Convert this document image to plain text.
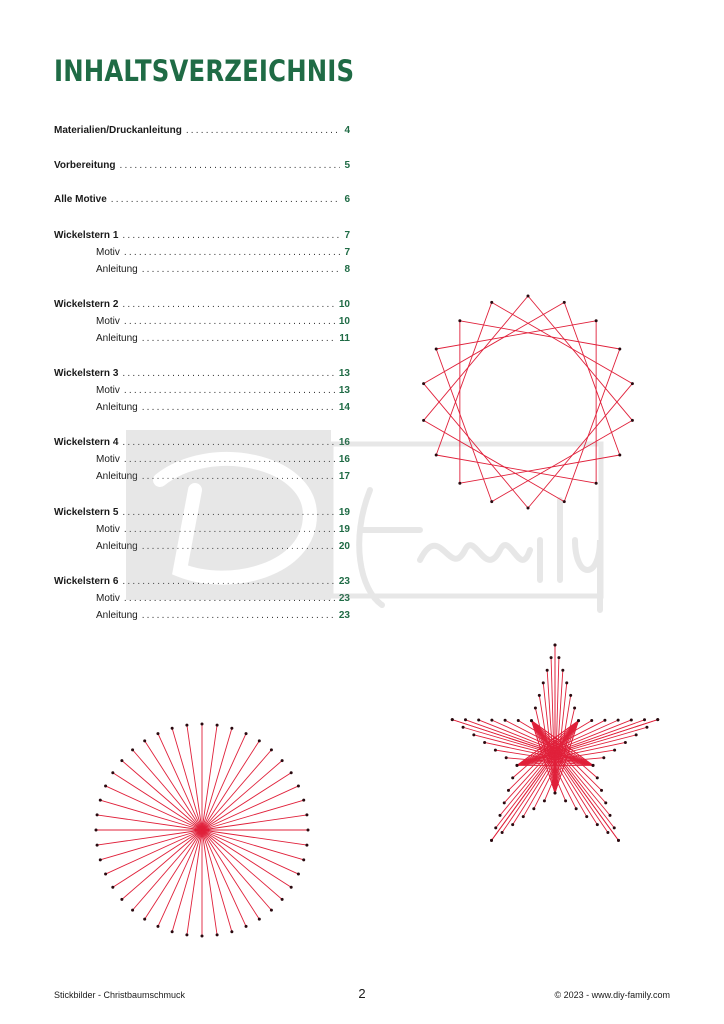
INHALTSVERZEICHNIS
Materialien/Druckanleitung .....	4
Vorbereitung .....	5
Alle Motive .....	6
Wickelstern 1 .....	7
Motiv .....	7
Anleitung .....	8
Wickelstern 2 .....	10
Motiv .....	10
Anleitung .....	11
Wickelstern 3 .....	13
Motiv .....	13
Anleitung .....	14
Wickelstern 4 .....	16
Motiv .....	16
Anleitung .....	17
Wickelstern 5 .....	19
Motiv .....	19
Anleitung .....	20
Wickelstern 6 .....	23
Motiv .....	23
Anleitung .....	23
Stickbilder - Christbaumschmuck	2	© 2023 - www.diy-family.com
